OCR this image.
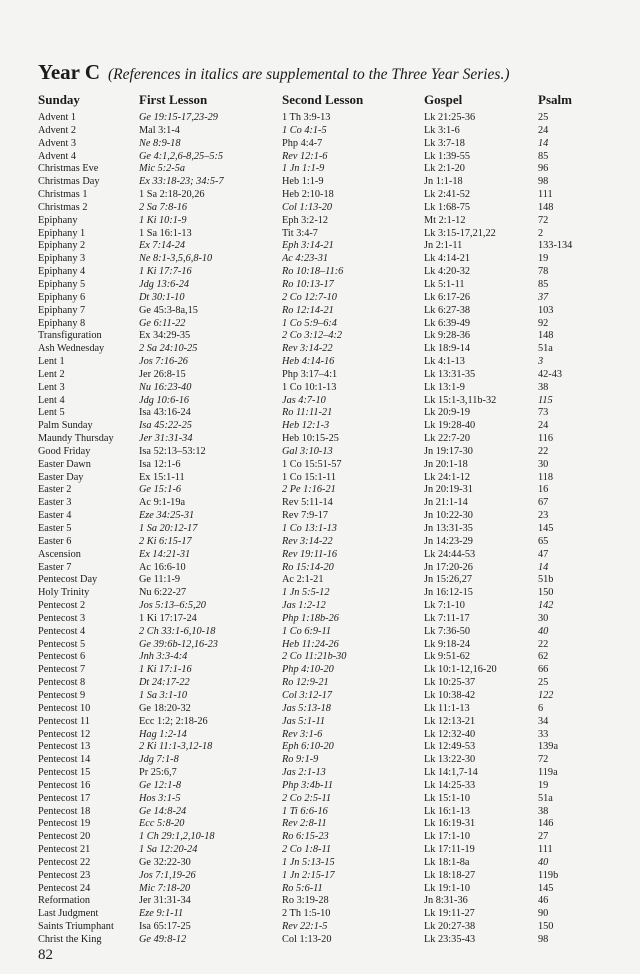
Year C (References in italics are supplemental to the Three Year Series.)
Sunday	First Lesson	Second Lesson	Gospel	Psalm
Advent 1	Ge 19:15-17,23-29	1 Th 3:9-13	Lk 21:25-36	25
Advent 2	Mal 3:1-4	1 Co 4:1-5	Lk 3:1-6	24
Advent 3	Ne 8:9-18	Php 4:4-7	Lk 3:7-18	14
Advent 4	Ge 4:1,2,6-8,25–5:5	Rev 12:1-6	Lk 1:39-55	85
Christmas Eve	Mic 5:2-5a	1 Jn 1:1-9	Lk 2:1-20	96
Christmas Day	Ex 33:18-23; 34:5-7	Heb 1:1-9	Jn 1:1-18	98
Christmas 1	1 Sa 2:18-20,26	Heb 2:10-18	Lk 2:41-52	111
Christmas 2	2 Sa 7:8-16	Col 1:13-20	Lk 1:68-75	148
Epiphany	1 Ki 10:1-9	Eph 3:2-12	Mt 2:1-12	72
Epiphany 1	1 Sa 16:1-13	Tit 3:4-7	Lk 3:15-17,21,22	2
Epiphany 2	Ex 7:14-24	Eph 3:14-21	Jn 2:1-11	133-134
Epiphany 3	Ne 8:1-3,5,6,8-10	Ac 4:23-31	Lk 4:14-21	19
Epiphany 4	1 Ki 17:7-16	Ro 10:18–11:6	Lk 4:20-32	78
Epiphany 5	Jdg 13:6-24	Ro 10:13-17	Lk 5:1-11	85
Epiphany 6	Dt 30:1-10	2 Co 12:7-10	Lk 6:17-26	37
Epiphany 7	Ge 45:3-8a,15	Ro 12:14-21	Lk 6:27-38	103
Epiphany 8	Ge 6:11-22	1 Co 5:9–6:4	Lk 6:39-49	92
Transfiguration	Ex 34:29-35	2 Co 3:12–4:2	Lk 9:28-36	148
Ash Wednesday	2 Sa 24:10-25	Rev 3:14-22	Lk 18:9-14	51a
Lent 1	Jos 7:16-26	Heb 4:14-16	Lk 4:1-13	3
Lent 2	Jer 26:8-15	Php 3:17–4:1	Lk 13:31-35	42-43
Lent 3	Nu 16:23-40	1 Co 10:1-13	Lk 13:1-9	38
Lent 4	Jdg 10:6-16	Jas 4:7-10	Lk 15:1-3,11b-32	115
Lent 5	Isa 43:16-24	Ro 11:11-21	Lk 20:9-19	73
Palm Sunday	Isa 45:22-25	Heb 12:1-3	Lk 19:28-40	24
Maundy Thursday	Jer 31:31-34	Heb 10:15-25	Lk 22:7-20	116
Good Friday	Isa 52:13–53:12	Gal 3:10-13	Jn 19:17-30	22
Easter Dawn	Isa 12:1-6	1 Co 15:51-57	Jn 20:1-18	30
Easter Day	Ex 15:1-11	1 Co 15:1-11	Lk 24:1-12	118
Easter 2	Ge 15:1-6	2 Pe 1:16-21	Jn 20:19-31	16
Easter 3	Ac 9:1-19a	Rev 5:11-14	Jn 21:1-14	67
Easter 4	Eze 34:25-31	Rev 7:9-17	Jn 10:22-30	23
Easter 5	1 Sa 20:12-17	1 Co 13:1-13	Jn 13:31-35	145
Easter 6	2 Ki 6:15-17	Rev 3:14-22	Jn 14:23-29	65
Ascension	Ex 14:21-31	Rev 19:11-16	Lk 24:44-53	47
Easter 7	Ac 16:6-10	Ro 15:14-20	Jn 17:20-26	14
Pentecost Day	Ge 11:1-9	Ac 2:1-21	Jn 15:26,27	51b
Holy Trinity	Nu 6:22-27	1 Jn 5:5-12	Jn 16:12-15	150
Pentecost 2	Jos 5:13–6:5,20	Jas 1:2-12	Lk 7:1-10	142
Pentecost 3	1 Ki 17:17-24	Php 1:18b-26	Lk 7:11-17	30
Pentecost 4	2 Ch 33:1-6,10-18	1 Co 6:9-11	Lk 7:36-50	40
Pentecost 5	Ge 39:6b-12,16-23	Heb 11:24-26	Lk 9:18-24	22
Pentecost 6	Jnh 3:3-4:4	2 Co 11:21b-30	Lk 9:51-62	62
Pentecost 7	1 Ki 17:1-16	Php 4:10-20	Lk 10:1-12,16-20	66
Pentecost 8	Dt 24:17-22	Ro 12:9-21	Lk 10:25-37	25
Pentecost 9	1 Sa 3:1-10	Col 3:12-17	Lk 10:38-42	122
Pentecost 10	Ge 18:20-32	Jas 5:13-18	Lk 11:1-13	6
Pentecost 11	Ecc 1:2; 2:18-26	Jas 5:1-11	Lk 12:13-21	34
Pentecost 12	Hag 1:2-14	Rev 3:1-6	Lk 12:32-40	33
Pentecost 13	2 Ki 11:1-3,12-18	Eph 6:10-20	Lk 12:49-53	139a
Pentecost 14	Jdg 7:1-8	Ro 9:1-9	Lk 13:22-30	72
Pentecost 15	Pr 25:6,7	Jas 2:1-13	Lk 14:1,7-14	119a
Pentecost 16	Ge 12:1-8	Php 3:4b-11	Lk 14:25-33	19
Pentecost 17	Hos 3:1-5	2 Co 2:5-11	Lk 15:1-10	51a
Pentecost 18	Ge 14:8-24	1 Ti 6:6-16	Lk 16:1-13	38
Pentecost 19	Ecc 5:8-20	Rev 2:8-11	Lk 16:19-31	146
Pentecost 20	1 Ch 29:1,2,10-18	Ro 6:15-23	Lk 17:1-10	27
Pentecost 21	1 Sa 12:20-24	2 Co 1:8-11	Lk 17:11-19	111
Pentecost 22	Ge 32:22-30	1 Jn 5:13-15	Lk 18:1-8a	40
Pentecost 23	Jos 7:1,19-26	1 Jn 2:15-17	Lk 18:18-27	119b
Pentecost 24	Mic 7:18-20	Ro 5:6-11	Lk 19:1-10	145
Reformation	Jer 31:31-34	Ro 3:19-28	Jn 8:31-36	46
Last Judgment	Eze 9:1-11	2 Th 1:5-10	Lk 19:11-27	90
Saints Triumphant	Isa 65:17-25	Rev 22:1-5	Lk 20:27-38	150
Christ the King	Ge 49:8-12	Col 1:13-20	Lk 23:35-43	98
82
